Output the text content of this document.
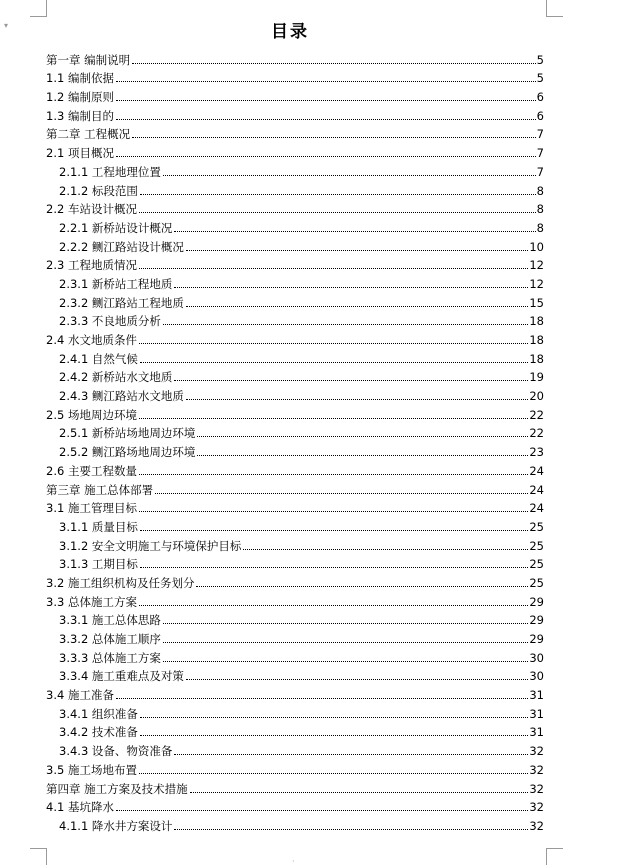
▾
·
目录
第一章 编制说明	5
1.1 编制依据	5
1.2 编制原则	6
1.3 编制目的	6
第二章 工程概况	7
2.1 项目概况	7
2.1.1 工程地理位置	7
2.1.2 标段范围	8
2.2 车站设计概况	8
2.2.1 新桥站设计概况	8
2.2.2 鲗江路站设计概况	10
2.3 工程地质情况	12
2.3.1 新桥站工程地质	12
2.3.2 鲗江路站工程地质	15
2.3.3 不良地质分析	18
2.4 水文地质条件	18
2.4.1 自然气候	18
2.4.2 新桥站水文地质	19
2.4.3 鲗江路站水文地质	20
2.5 场地周边环境	22
2.5.1 新桥站场地周边环境	22
2.5.2 鲗江路场地周边环境	23
2.6 主要工程数量	24
第三章 施工总体部署	24
3.1 施工管理目标	24
3.1.1 质量目标	25
3.1.2 安全文明施工与环境保护目标	25
3.1.3 工期目标	25
3.2 施工组织机构及任务划分	25
3.3 总体施工方案	29
3.3.1 施工总体思路	29
3.3.2 总体施工顺序	29
3.3.3 总体施工方案	30
3.3.4 施工重难点及对策	30
3.4 施工准备	31
3.4.1 组织准备	31
3.4.2 技术准备	31
3.4.3 设备、物资准备	32
3.5 施工场地布置	32
第四章 施工方案及技术措施	32
4.1 基坑降水	32
4.1.1 降水井方案设计	32
